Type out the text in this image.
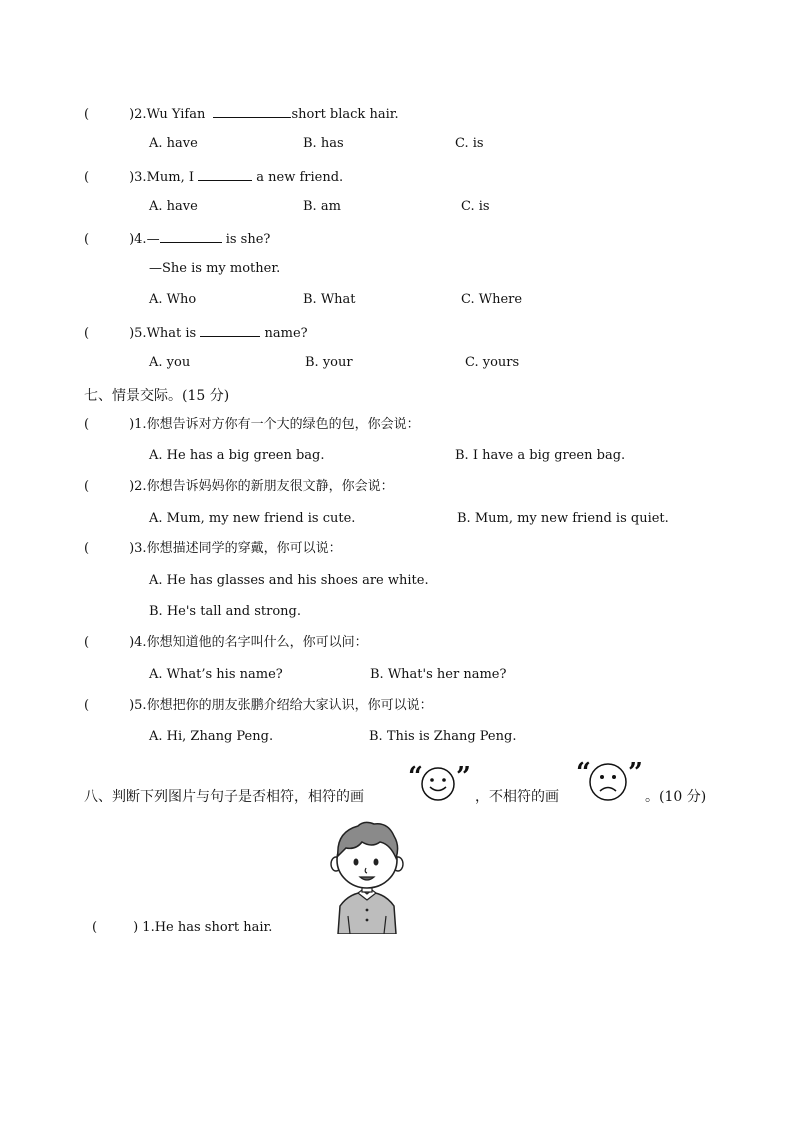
(	)2.Wu Yifan	short black hair.
A. have	B. has	C. is
(	)3.Mum, I	a new friend.
A. have	B. am	C. is
(	)4.—	is she?
—She is my mother.
A. Who	B. What	C. Where
(	)5.What is	name?
A. you	B. your	C. yours
七、情景交际。(15 分)
(	)1.你想告诉对方你有一个大的绿色的包，你会说：
A. He has a big green bag.	B. I have a big green bag.
(	)2.你想告诉妈妈你的新朋友很文静，你会说：
A. Mum, my new friend is cute.	B. Mum, my new friend is quiet.
(	)3.你想描述同学的穿戴，你可以说：
A. He has glasses and his shoes are white.
B. He's tall and strong.
(	)4.你想知道他的名字叫什么，你可以问：
A. What’s his name?	B. What's her name?
(	)5.你想把你的朋友张鹏介绍给大家认识，你可以说：
A. Hi, Zhang Peng.	B. This is Zhang Peng.
八、判断下列图片与句子是否相符，相符的画
“ ”
，不相符的画
“ ”
。(10 分)
(	) 1.He has short hair.
